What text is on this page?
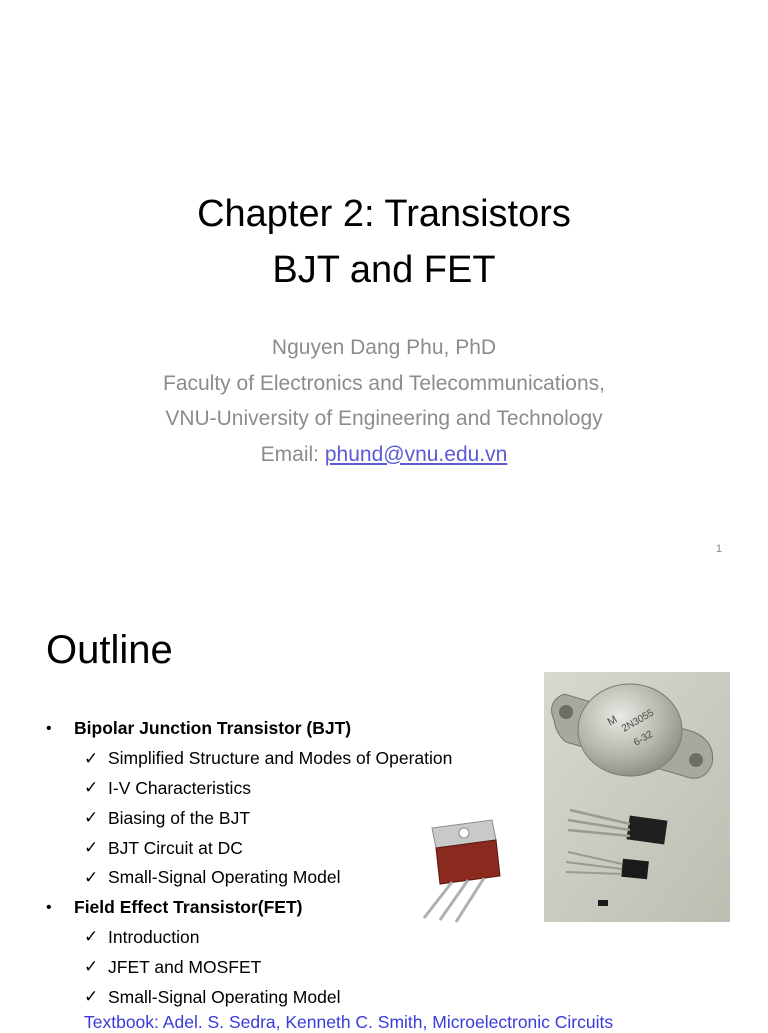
Chapter 2: Transistors
BJT and FET
Nguyen Dang Phu, PhD
Faculty of Electronics and Telecommunications,
VNU-University of Engineering and Technology
Email: phund@vnu.edu.vn
1
Outline
•	Bipolar Junction Transistor (BJT)
✓ Simplified Structure and Modes of Operation
✓ I-V Characteristics
✓ Biasing of the BJT
✓ BJT Circuit at DC
✓ Small-Signal Operating Model
•	Field Effect Transistor(FET)
✓ Introduction
✓ JFET and MOSFET
✓ Small-Signal Operating Model
Textbook: Adel. S. Sedra, Kenneth C. Smith, Microelectronic Circuits
M 2N3055
6-32
